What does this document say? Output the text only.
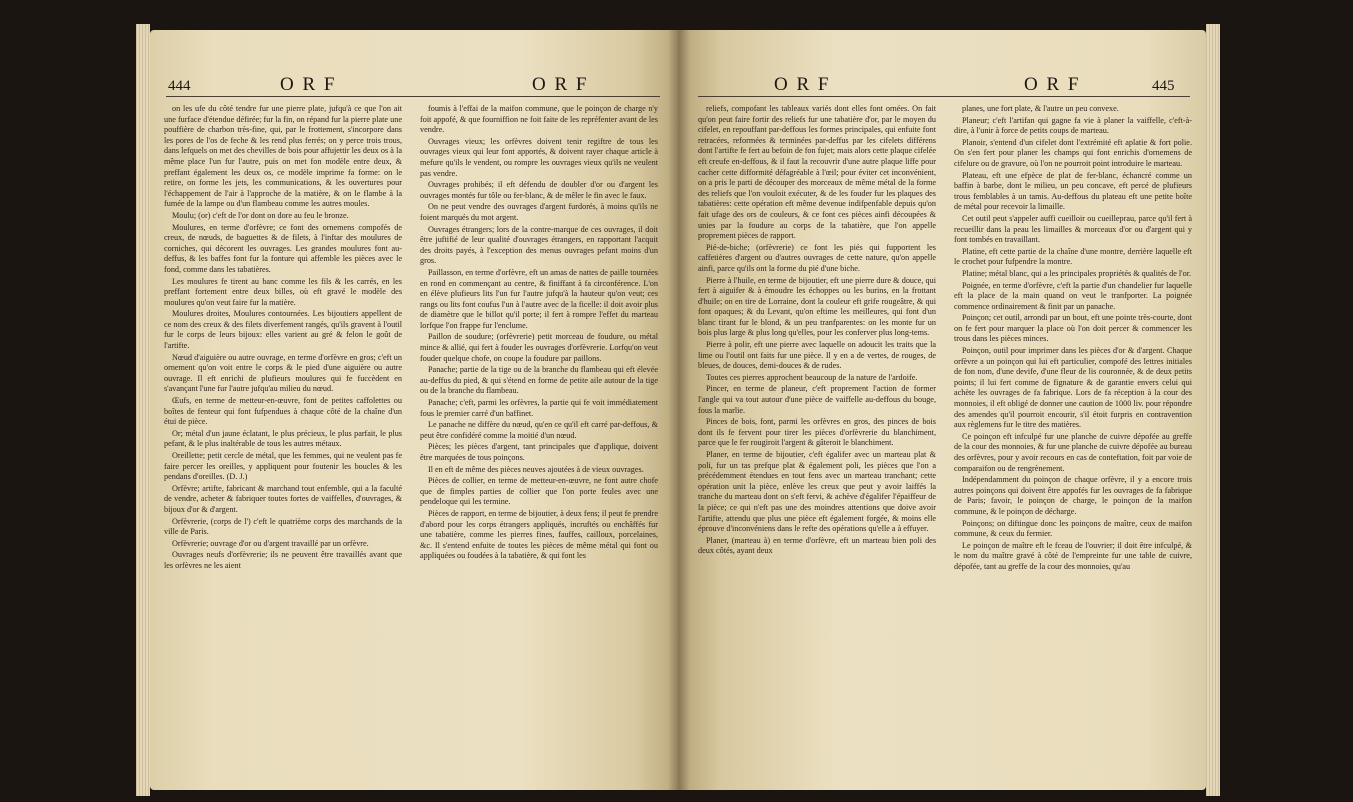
444	O R F	O R F

on les ufe du côté tendre fur une pierre plate, jufqu'à ce que l'on ait une furface d'étendue défirée; fur la fin, on répand fur la pierre plate une pouffière de charbon très-fine, qui, par le frottement, s'incorpore dans les pores de l'os de feche & les rend plus ferrés; on y perce trois trous, dans lefquels on met des chevilles de bois pour affujettir les deux os à la même place l'un fur l'autre, puis on met fon modèle entre deux, & preffant également les deux os, ce modèle imprime fa forme: on le retire, on forme les jets, les communications, & les ouvertures pour l'échappement de l'air à l'approche de la matière, & on le flambe à la fumée de la lampe ou d'un flambeau comme les autres moules.

Moulu; (or) c'eft de l'or dont on dore au feu le bronze.

Moulures, en terme d'orfèvre; ce font des ornemens compofés de creux, de nœuds, de baguettes & de filets, à l'inftar des moulures de corniches, qui décorent les ouvrages. Les grandes moulures font au-deffus, & les baffes font fur la fonture qui affemble les pièces avec le fond, comme dans les tabatières.

Les moulures fe tirent au banc comme les fils & les carrés, en les preffant fortement entre deux billes, où eft gravé le modèle des moulures qu'on veut faire fur la matière.

Moulures droites, Moulures contournées. Les bijoutiers appellent de ce nom des creux & des filets diverfement rangés, qu'ils gravent à l'outil fur le corps de leurs bijoux: elles varient au gré & felon le goût de l'artifte.

Nœud d'aiguière ou autre ouvrage, en terme d'orfèvre en gros; c'eft un ornement qu'on voit entre le corps & le pied d'une aiguière ou autre ouvrage. Il eft enrichi de plufieurs moulures qui fe fuccèdent en s'avançant l'une fur l'autre jufqu'au milieu du nœud.

Œufs, en terme de metteur-en-œuvre, font de petites caffolettes ou boîtes de fenteur qui font fufpendues à chaque côté de la chaîne d'un étui de pièce.

Or; métal d'un jaune éclatant, le plus précieux, le plus parfait, le plus pefant, & le plus inaltérable de tous les autres métaux.

Oreillette; petit cercle de métal, que les femmes, qui ne veulent pas fe faire percer les oreilles, y appliquent pour foutenir les boucles & les pendans d'oreilles. (D. J.)

Orfèvre; artifte, fabricant & marchand tout enfemble, qui a la faculté de vendre, acheter & fabriquer toutes fortes de vaiffelles, d'ouvrages, & bijoux d'or & d'argent.

Orfèvrerie, (corps de l') c'eft le quatrième corps des marchands de la ville de Paris.

Orfèvrerie; ouvrage d'or ou d'argent travaillé par un orfèvre.

Ouvrages neufs d'orfèvrerie; ils ne peuvent être travaillés avant que les orfèvres ne les aient

foumis à l'effai de la maifon commune, que le poinçon de charge n'y foit appofé, & que fourniffion ne foit faite de les repréfenter avant de les vendre.

Ouvrages vieux; les orfèvres doivent tenir regiftre de tous les ouvrages vieux qui leur font apportés, & doivent rayer chaque article à mefure qu'ils le vendent, ou rompre les ouvrages vieux qu'ils ne veulent pas vendre.

Ouvrages prohibés; il eft défendu de doubler d'or ou d'argent les ouvrages montés fur tôle ou fer-blanc, & de mêler le fin avec le faux.

On ne peut vendre des ouvrages d'argent furdorés, à moins qu'ils ne foient marqués du mot argent.

Ouvrages étrangers; lors de la contre-marque de ces ouvrages, il doit être juftifié de leur qualité d'ouvrages étrangers, en rapportant l'acquit des droits payés, à l'exception des menus ouvrages pefant moins d'un gros.

Paillasson, en terme d'orfèvre, eft un amas de nattes de paille tournées en rond en commençant au centre, & finiffant à fa circonférence. L'on en élève plufieurs lits l'un fur l'autre jufqu'à la hauteur qu'on veut; ces rangs ou lits font coufus l'un à l'autre avec de la ficelle: il doit avoir plus de diamètre que le billot qu'il porte; il fert à rompre l'effet du marteau lorfque l'on frappe fur l'enclume.

Paillon de soudure; (orfèvrerie) petit morceau de foudure, ou métal mince & allié, qui fert à fouder les ouvrages d'orfèvrerie. Lorfqu'on veut fouder quelque chofe, on coupe la foudure par paillons.

Panache; partie de la tige ou de la branche du flambeau qui eft élevée au-deffus du pied, & qui s'étend en forme de petite aile autour de la tige ou de la branche du flambeau.

Panache; c'eft, parmi les orfèvres, la partie qui fe voit immédiatement fous le premier carré d'un baffinet.

Le panache ne diffère du nœud, qu'en ce qu'il eft carré par-deffous, & peut être confidéré comme la moitié d'un nœud.

Pièces; les pièces d'argent, tant principales que d'applique, doivent être marquées de tous poinçons.

Il en eft de même des pièces neuves ajoutées à de vieux ouvrages.

Pièces de collier, en terme de metteur-en-œuvre, ne font autre chofe que de fimples parties de collier que l'on porte feules avec une pendeloque qui les termine.

Pièces de rapport, en terme de bijoutier, à deux fens; il peut fe prendre d'abord pour les corps étrangers appliqués, incruftés ou enchâffés fur une tabatière, comme les pierres fines, fauffes, cailloux, porcelaines, &c. Il s'entend enfuite de toutes les pièces de même métal qui font ou appliquées ou foudées à la tabatière, & qui font les

O R F	O R F	445

reliefs, compofant les tableaux variés dont elles font ornées. On fait qu'on peut faire fortir des reliefs fur une tabatière d'or, par le moyen du cifelet, en repouffant par-deffous les formes principales, qui enfuite font retracées, reformées & terminées par-deffus par les cifelets différens dont l'artifte fe fert au befoin de fon fujet; mais alors cette plaque cifelée eft creufe en-deffous, & il faut la recouvrir d'une autre plaque liffe pour cacher cette difformité défagréable à l'œil; pour éviter cet inconvénient, on a pris le parti de découper des morceaux de même métal de la forme des reliefs que l'on vouloit exécuter, & de les fouder fur les plaques des tabatières: cette opération eft même devenue indifpenfable depuis qu'on fait ufage des ors de couleurs, & ce font ces pièces ainfi découpées & unies par la foudure au corps de la tabatière, que l'on appelle proprement pièces de rapport.

Pié-de-biche; (orfèvrerie) ce font les piés qui fupportent les caffetières d'argent ou d'autres ouvrages de cette nature, qu'on appelle ainfi, parce qu'ils ont la forme du pié d'une biche.

Pierre à l'huile, en terme de bijoutier, eft une pierre dure & douce, qui fert à aiguifer & à émoudre les échoppes ou les burins, en la frottant d'huile; on en tire de Lorraine, dont la couleur eft grife rougeâtre, & qui font opaques; & du Levant, qu'on eftime les meilleures, qui font d'un blanc tirant fur le blond, & un peu tranfparentes: on les monte fur un bois plus large & plus long qu'elles, pour les conferver plus long-tems.

Pierre à polir, eft une pierre avec laquelle on adoucit les traits que la lime ou l'outil ont faits fur une pièce. Il y en a de vertes, de rouges, de bleues, de douces, demi-douces & de rudes.

Toutes ces pierres approchent beaucoup de la nature de l'ardoife.

Pincer, en terme de planeur, c'eft proprement l'action de former l'angle qui va tout autour d'une pièce de vaiffelle au-deffous du bouge, fous la marlie.

Pinces de bois, font, parmi les orfèvres en gros, des pinces de bois dont ils fe fervent pour tirer les pièces d'orfèvrerie du blanchiment, parce que le fer rougiroit l'argent & gâteroit le blanchiment.

Planer, en terme de bijoutier, c'eft égalifer avec un marteau plat & poli, fur un tas prefque plat & également poli, les pièces que l'on a précédemment étendues en tout fens avec un marteau tranchant; cette opération unit la pièce, enlève les creux que peut y avoir laiffés la tranche du marteau dont on s'eft fervi, & achève d'égalifer l'épaiffeur de la pièce; ce qui n'eft pas une des moindres attentions que doive avoir l'artifte, attendu que plus une pièce eft également forgée, & moins elle éprouve d'inconvéniens dans le refte des opérations qu'elle a à effuyer.

Planer, (marteau à) en terme d'orfèvre, eft un marteau bien poli des deux côtés, ayant deux

planes, une fort plate, & l'autre un peu convexe.

Planeur; c'eft l'artifan qui gagne fa vie à planer la vaiffelle, c'eft-à-dire, à l'unir à force de petits coups de marteau.

Planoir, s'entend d'un cifelet dont l'extrémité eft aplatie & fort polie. On s'en fert pour planer les champs qui font enrichis d'ornemens de cifelure ou de gravure, où l'on ne pourroit point introduire le marteau.

Plateau, eft une efpèce de plat de fer-blanc, échancré comme un baffin à barbe, dont le milieu, un peu concave, eft percé de plufieurs trous femblables à un tamis. Au-deffous du plateau eft une petite boîte de métal pour recevoir la limaille.

Cet outil peut s'appeler auffi cueilloir ou cueilleprau, parce qu'il fert à recueillir dans la peau les limailles & morceaux d'or ou d'argent qui y font tombés en travaillant.

Platine, eft cette partie de la chaîne d'une montre, derrière laquelle eft le crochet pour fufpendre la montre.

Platine; métal blanc, qui a les principales propriétés & qualités de l'or.

Poignée, en terme d'orfèvre, c'eft la partie d'un chandelier fur laquelle eft la place de la main quand on veut le tranfporter. La poignée commence ordinairement & finit par un panache.

Poinçon; cet outil, arrondi par un bout, eft une pointe très-courte, dont on fe fert pour marquer la place où l'on doit percer & commencer les trous dans les pièces minces.

Poinçon, outil pour imprimer dans les pièces d'or & d'argent. Chaque orfèvre a un poinçon qui lui eft particulier, compofé des lettres initiales de fon nom, d'une devife, d'une fleur de lis couronnée, & de deux petits points; il lui fert comme de fignature & de garantie envers celui qui achète les ouvrages de fa fabrique. Lors de fa réception à la cour des monnoies, il eft obligé de donner une caution de 1000 liv. pour répondre des amendes qu'il pourroit encourir, s'il étoit furpris en contravention aux règlemens fur le titre des matières.

Ce poinçon eft infculpé fur une planche de cuivre dépofée au greffe de la cour des monnoies, & fur une planche de cuivre dépofée au bureau des orfèvres, pour y avoir recours en cas de conteftation, foit par voie de comparaifon ou de rengrènement.

Indépendamment du poinçon de chaque orfèvre, il y a encore trois autres poinçons qui doivent être appofés fur les ouvrages de fa fabrique de Paris; favoir, le poinçon de charge, le poinçon de la maifon commune, & le poinçon de décharge.

Poinçons; on diftingue donc les poinçons de maître, ceux de maifon commune, & ceux du fermier.

Le poinçon de maître eft le fceau de l'ouvrier; il doit être infculpé, & le nom du maître gravé à côté de l'empreinte fur une table de cuivre, dépofée, tant au greffe de la cour des monnoies, qu'au
